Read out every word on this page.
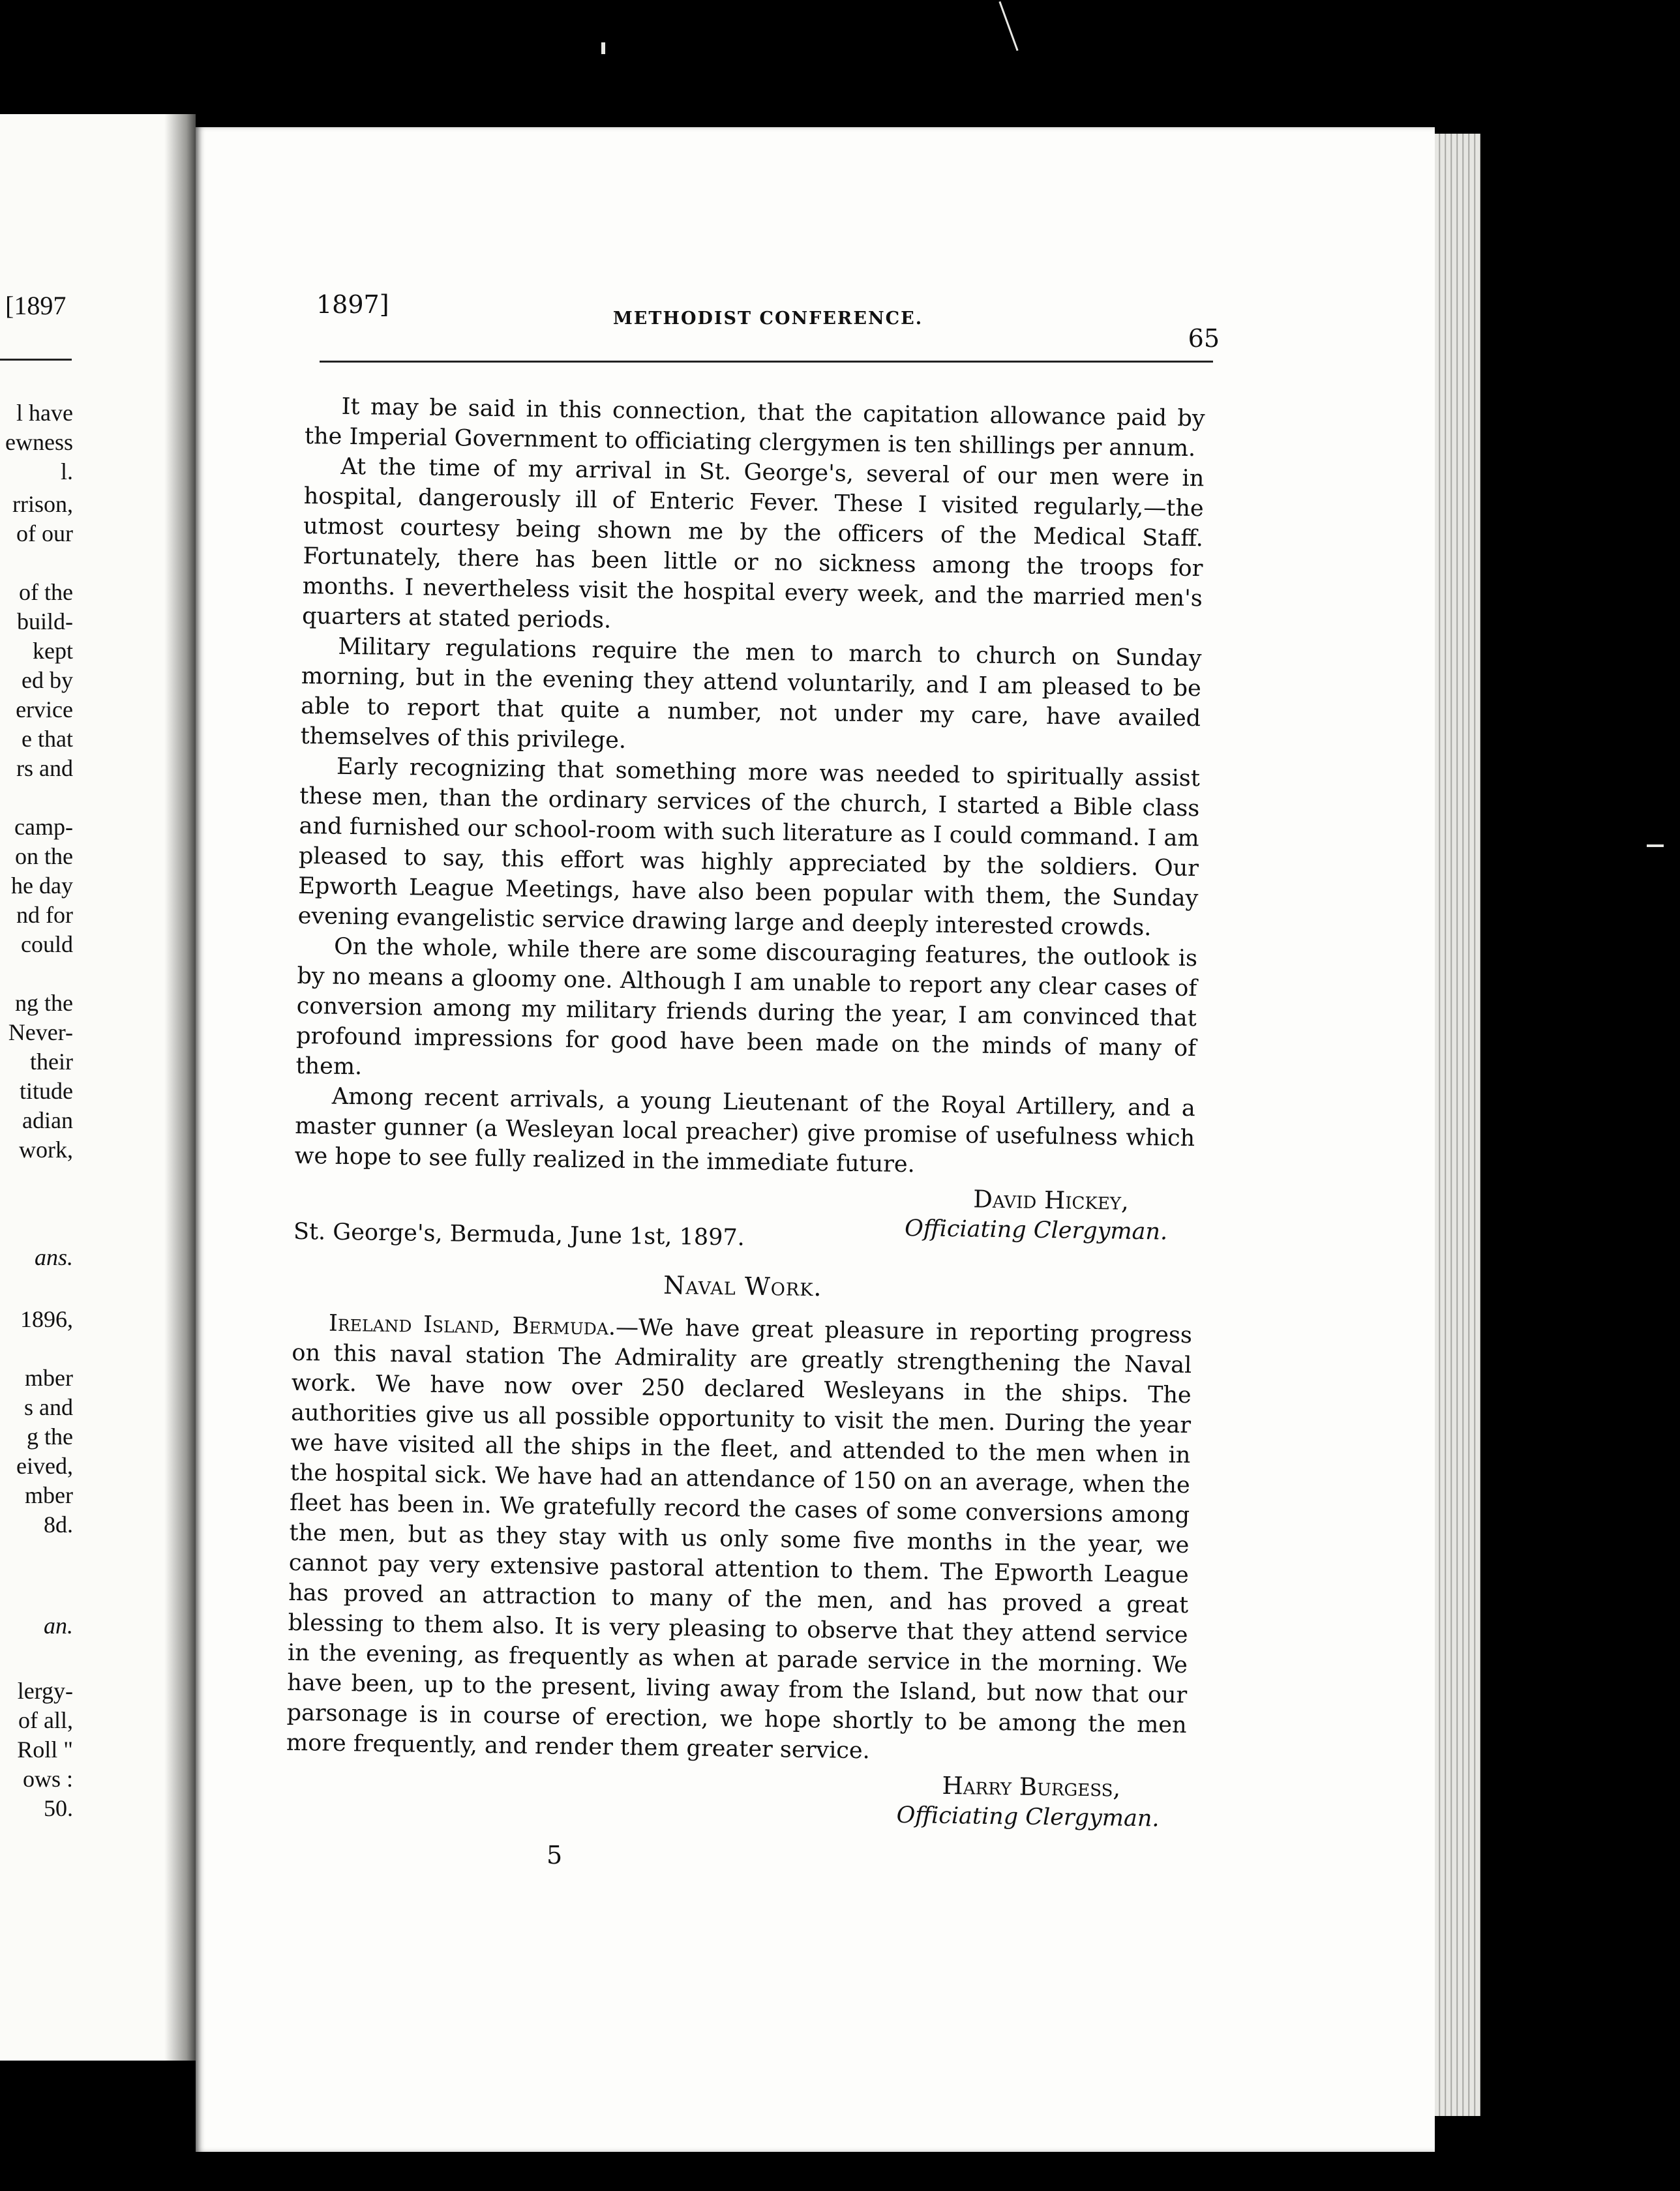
[1897
l have
ewness
l.
rrison,
of our
of the
build-
kept
ed by
ervice
e that
rs and
camp-
on the
he day
nd for
could
ng the
Never-
their
titude
adian
work,
ans.
1896,
mber
s and
g the
eived,
mber
8d.
an.
lergy-
of all,
Roll "
ows :
50.
1897]	METHODIST CONFERENCE.
65

It may be said in this connection, that the capitation allowance paid by the Imperial Government to officiating clergymen is ten shillings per annum.

At the time of my arrival in St. George's, several of our men were in hospital, dangerously ill of Enteric Fever. These I visited regularly,—the utmost courtesy being shown me by the officers of the Medical Staff. Fortunately, there has been little or no sickness among the troops for months. I nevertheless visit the hospital every week, and the married men's quarters at stated periods.

Military regulations require the men to march to church on Sunday morning, but in the evening they attend voluntarily, and I am pleased to be able to report that quite a number, not under my care, have availed themselves of this privilege.

Early recognizing that something more was needed to spiritually assist these men, than the ordinary services of the church, I started a Bible class and furnished our school-room with such literature as I could command. I am pleased to say, this effort was highly appreciated by the soldiers. Our Epworth League Meetings, have also been popular with them, the Sunday evening evangelistic service drawing large and deeply interested crowds.

On the whole, while there are some discouraging features, the outlook is by no means a gloomy one. Although I am unable to report any clear cases of conversion among my military friends during the year, I am convinced that profound impressions for good have been made on the minds of many of them.

Among recent arrivals, a young Lieutenant of the Royal Artillery, and a master gunner (a Wesleyan local preacher) give promise of usefulness which we hope to see fully realized in the immediate future.

David Hickey,
Officiating Clergyman.
St. George's, Bermuda, June 1st, 1897.
Naval Work.

Ireland Island, Bermuda.—We have great pleasure in reporting progress on this naval station The Admirality are greatly strengthening the Naval work. We have now over 250 declared Wesleyans in the ships. The authorities give us all possible opportunity to visit the men. During the year we have visited all the ships in the fleet, and attended to the men when in the hospital sick. We have had an attendance of 150 on an average, when the fleet has been in. We gratefully record the cases of some conversions among the men, but as they stay with us only some five months in the year, we cannot pay very extensive pastoral attention to them. The Epworth League has proved an attraction to many of the men, and has proved a great blessing to them also. It is very pleasing to observe that they attend service in the evening, as frequently as when at parade service in the morning. We have been, up to the present, living away from the Island, but now that our parsonage is in course of erection, we hope shortly to be among the men more frequently, and render them greater service.

Harry Burgess,
Officiating Clergyman.
5
